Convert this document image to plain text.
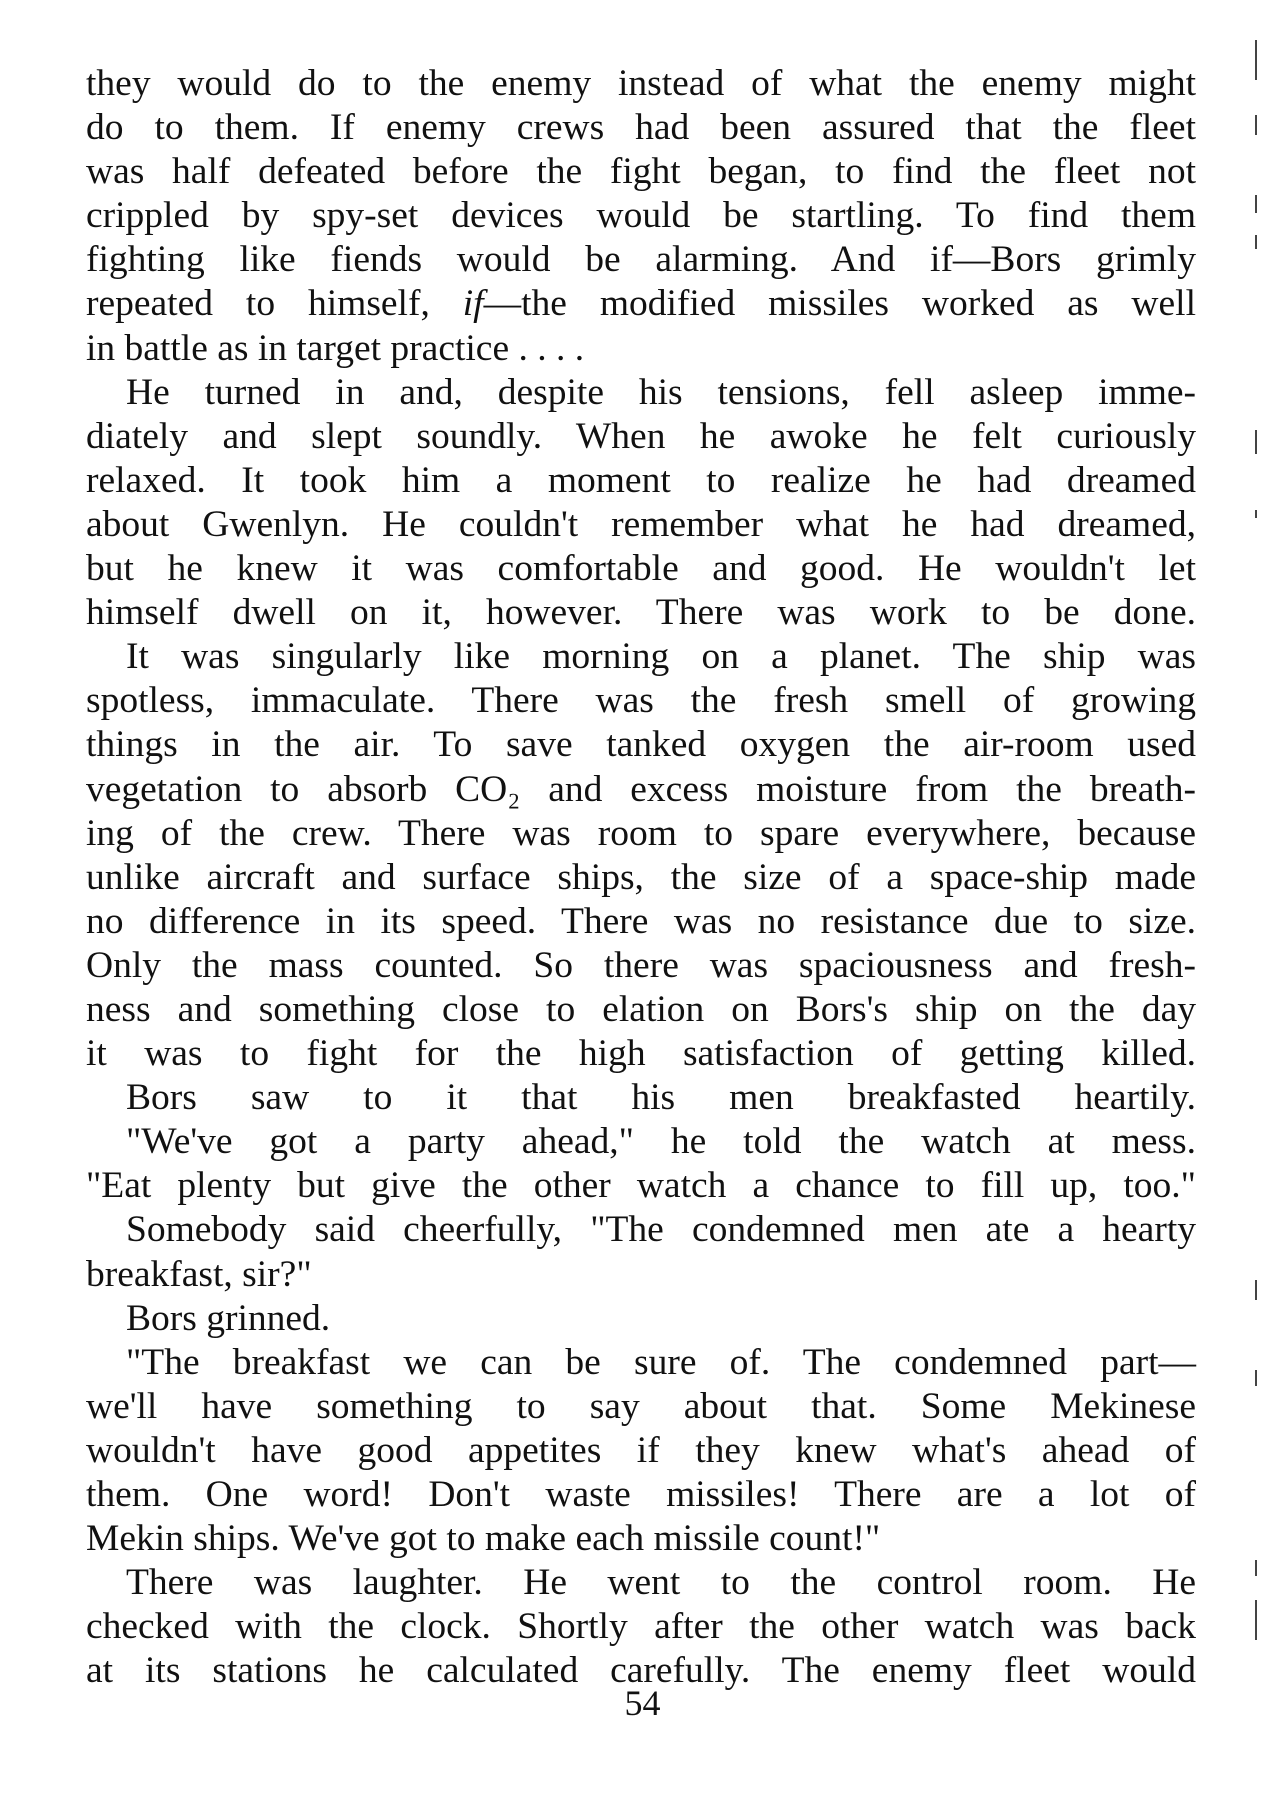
they would do to the enemy instead of what the enemy might
do to them. If enemy crews had been assured that the fleet
was half defeated before the fight began, to find the fleet not
crippled by spy-set devices would be startling. To find them
fighting like fiends would be alarming. And if—Bors grimly
repeated to himself, if—the modified missiles worked as well
in battle as in target practice . . . .
He turned in and, despite his tensions, fell asleep imme-
diately and slept soundly. When he awoke he felt curiously
relaxed. It took him a moment to realize he had dreamed
about Gwenlyn. He couldn't remember what he had dreamed,
but he knew it was comfortable and good. He wouldn't let
himself dwell on it, however. There was work to be done.
It was singularly like morning on a planet. The ship was
spotless, immaculate. There was the fresh smell of growing
things in the air. To save tanked oxygen the air-room used
vegetation to absorb CO₂ and excess moisture from the breath-
ing of the crew. There was room to spare everywhere, because
unlike aircraft and surface ships, the size of a space-ship made
no difference in its speed. There was no resistance due to size.
Only the mass counted. So there was spaciousness and fresh-
ness and something close to elation on Bors's ship on the day
it was to fight for the high satisfaction of getting killed.
Bors saw to it that his men breakfasted heartily.
"We've got a party ahead," he told the watch at mess.
"Eat plenty but give the other watch a chance to fill up, too."
Somebody said cheerfully, "The condemned men ate a hearty
breakfast, sir?"
Bors grinned.
"The breakfast we can be sure of. The condemned part—
we'll have something to say about that. Some Mekinese
wouldn't have good appetites if they knew what's ahead of
them. One word! Don't waste missiles! There are a lot of
Mekin ships. We've got to make each missile count!"
There was laughter. He went to the control room. He
checked with the clock. Shortly after the other watch was back
at its stations he calculated carefully. The enemy fleet would
54
